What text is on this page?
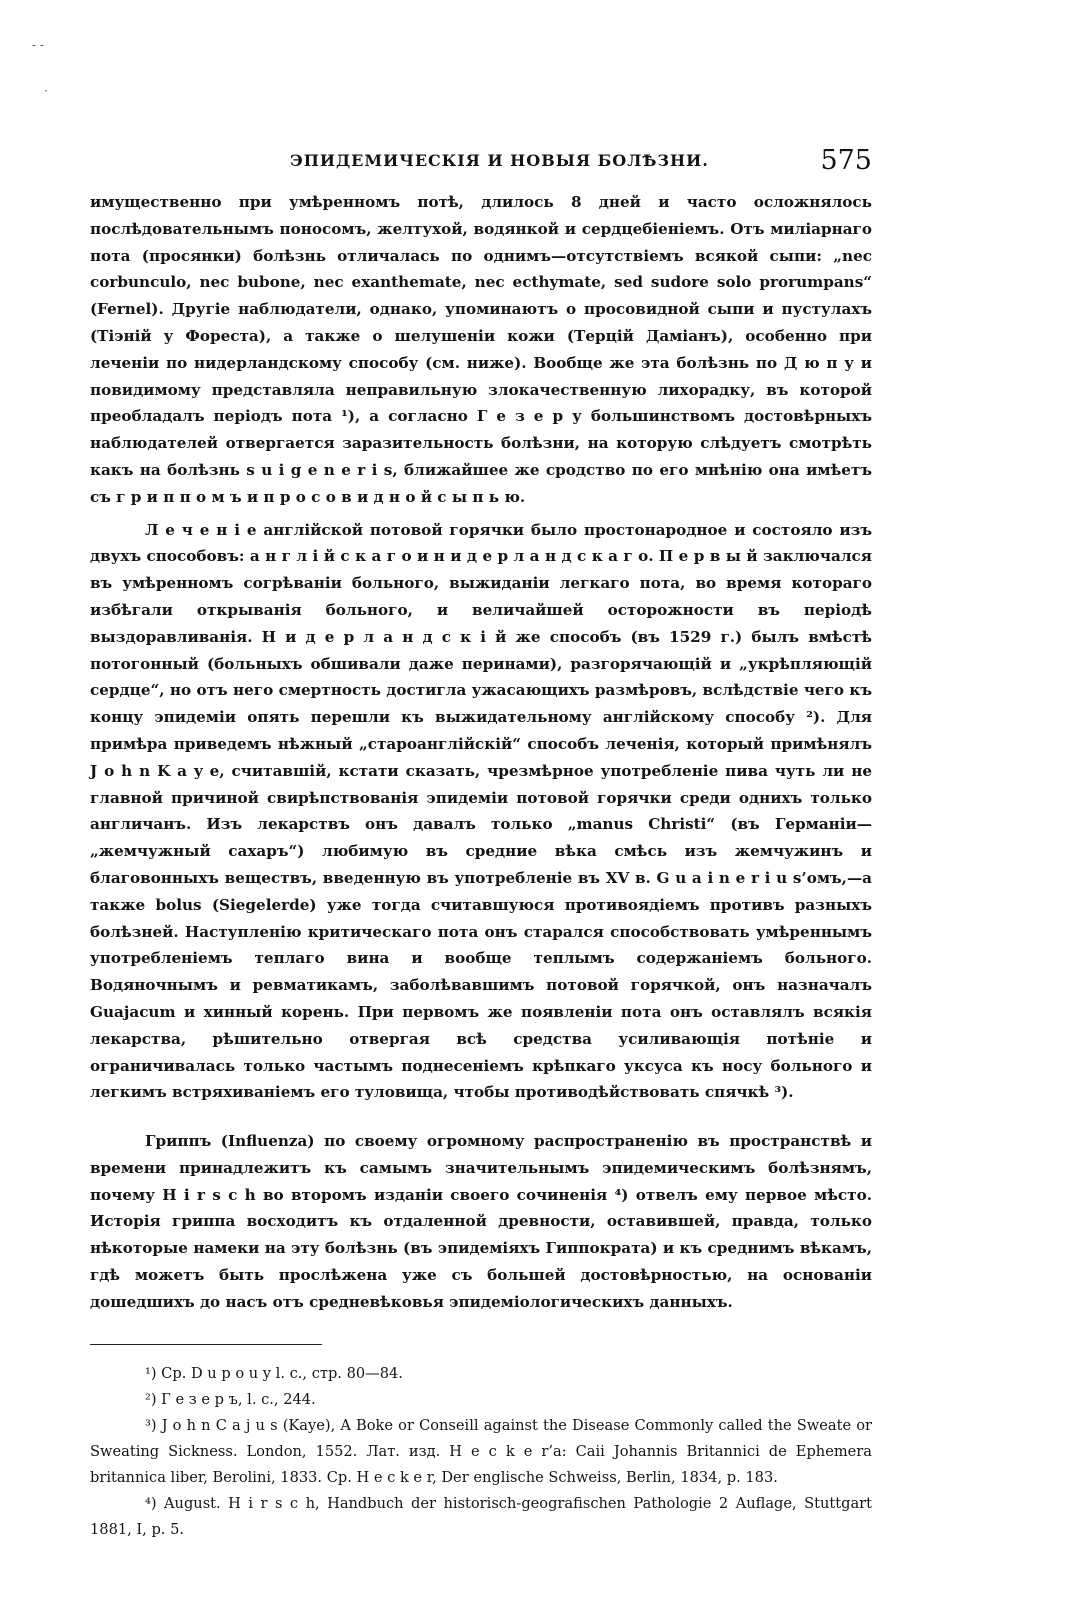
‑ ‑
·
ЭПИДЕМИЧЕСКIЯ И НОВЫЯ БОЛѢЗНИ.	575

имущественно при умѣренномъ потѣ, длилось 8 дней и часто осложнялось послѣдовательнымъ поносомъ, желтухой, водянкой и сердцебiенiемъ. Отъ милiарнаго пота (просянки) болѣзнь отличалась по однимъ—отсутствiемъ всякой сыпи: „nec corbunculo, nec bubone, nec exanthemate, nec ecthymate, sed sudore solo prorumpans“ (Fernel). Другiе наблюдатели, однако, упоминаютъ о просовидной сыпи и пустулахъ (Тiэнiй у Фореста), а также о шелушенiи кожи (Терцiй Дамiанъ), особенно при леченiи по нидерландскому способу (см. ниже). Вообще же эта болѣзнь по Д ю п у и повидимому представляла неправильную злокачественную лихорадку, въ которой преобладалъ перiодъ пота ¹), а согласно Г е з е р у большинствомъ достовѣрныхъ наблюдателей отвергается заразительность болѣзни, на которую слѣдуетъ смотрѣть какъ на болѣзнь s u i g e n e r i s, ближайшее же сродство по его мнѣнiю она имѣетъ съ г р и п п о м ъ и п р о с о в и д н о й с ы п ь ю.

Л е ч е н i е англiйской потовой горячки было простонародное и состояло изъ двухъ способовъ: а н г л i й с к а г о и н и д е р л а н д с к а г о. П е р в ы й заключался въ умѣренномъ согрѣванiи больного, выжиданiи легкаго пота, во время котораго избѣгали открыванiя больного, и величайшей осторожности въ перiодѣ выздоравливанiя. Н и д е р л а н д с к i й же способъ (въ 1529 г.) былъ вмѣстѣ потогонный (больныхъ обшивали даже перинами), разгорячающiй и „укрѣпляющiй сердце“, но отъ него смертность достигла ужасающихъ размѣровъ, вслѣдствiе чего къ концу эпидемiи опять перешли къ выжидательному англiйскому способу ²). Для примѣра приведемъ нѣжный „староанглiйскiй“ способъ леченiя, который примѣнялъ J o h n K a y e, считавшiй, кстати сказать, чрезмѣрное употребленiе пива чуть ли не главной причиной свирѣпствованiя эпидемiи потовой горячки среди однихъ только англичанъ. Изъ лекарствъ онъ давалъ только „manus Christi“ (въ Германiи—„жемчужный сахаръ“) любимую въ средние вѣка смѣсь изъ жемчужинъ и благовонныхъ веществъ, введенную въ употребленiе въ XV в. G u a i n e r i u s’омъ,—а также bolus (Siegelerde) уже тогда считавшуюся противоядiемъ противъ разныхъ болѣзней. Наступленiю критическаго пота онъ старался способствовать умѣреннымъ употребленiемъ теплаго вина и вообще теплымъ содержанiемъ больного. Водяночнымъ и ревматикамъ, заболѣвавшимъ потовой горячкой, онъ назначалъ Guajacum и хинный корень. При первомъ же появленiи пота онъ оставлялъ всякiя лекарства, рѣшительно отвергая всѣ средства усиливающiя потѣнiе и ограничивалась только частымъ поднесенiемъ крѣпкаго уксуса къ носу больного и легкимъ встряхиванiемъ его туловища, чтобы противодѣйствовать спячкѣ ³).

Гриппъ (Influenza) по своему огромному распространенiю въ пространствѣ и времени принадлежитъ къ самымъ значительнымъ эпидемическимъ болѣзнямъ, почему H i r s c h во второмъ изданiи своего сочиненiя ⁴) отвелъ ему первое мѣсто. Исторiя гриппа восходитъ къ отдаленной древности, оставившей, правда, только нѣкоторые намеки на эту болѣзнь (въ эпидемiяхъ Гиппократа) и къ среднимъ вѣкамъ, гдѣ можетъ быть прослѣжена уже съ большей достовѣрностью, на основанiи дошедшихъ до насъ отъ средневѣковья эпидемiологическихъ данныхъ.

¹) Ср. D u p o u y l. c., стр. 80—84.

²) Г е з е р ъ, l. c., 244.

³) J o h n C a j u s (Kaye), A Boke or Conseill against the Disease Commonly called the Sweate or Sweating Sickness. London, 1552. Лат. изд. H e c k e r’а: Caii Johannis Britannici de Ephemera britannica liber, Berolini, 1833. Ср. H e c k e r, Der englische Schweiss, Berlin, 1834, p. 183.

⁴) August. H i r s c h, Handbuch der historisch-geografischen Pathologie 2 Auflage, Stuttgart 1881, I, p. 5.
